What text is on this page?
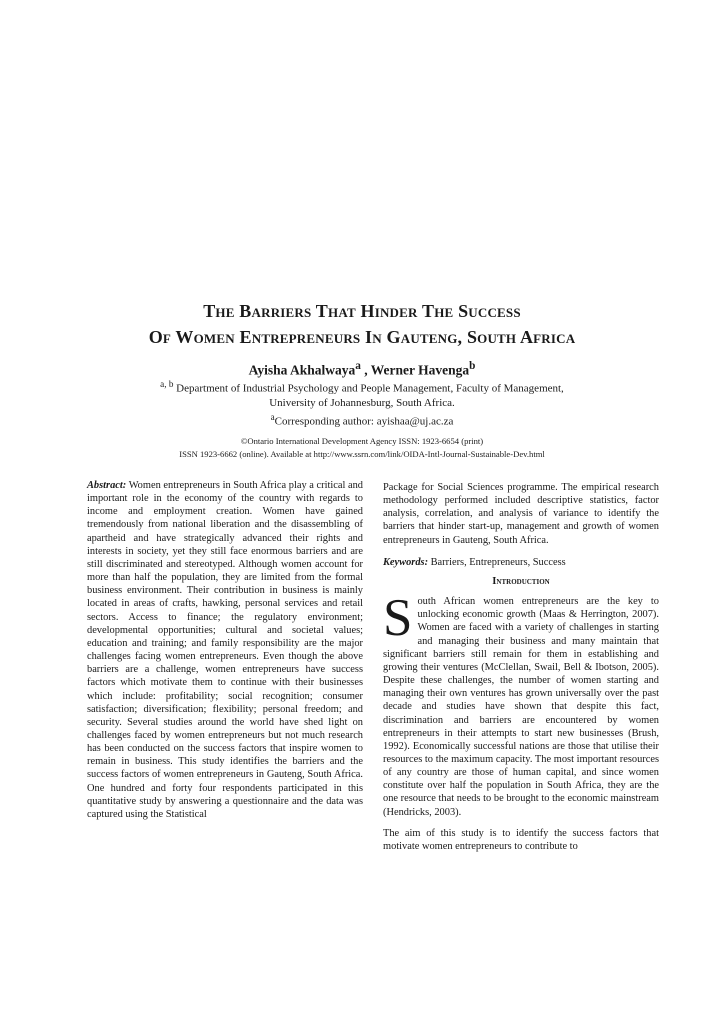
The Barriers That Hinder The Success
Of Women Entrepreneurs In Gauteng, South Africa
Ayisha Akhalwaya$^a$ , Werner Havenga$^b$
$^{a, b}$ Department of Industrial Psychology and People Management, Faculty of Management,
University of Johannesburg, South Africa.
$^a$Corresponding author: ayishaa@uj.ac.za
©Ontario International Development Agency ISSN: 1923-6654 (print)
ISSN 1923-6662 (online). Available at http://www.ssrn.com/link/OIDA-Intl-Journal-Sustainable-Dev.html

Abstract: Women entrepreneurs in South Africa play a critical and important role in the economy of the country with regards to income and employment creation. Women have gained tremendously from national liberation and the disassembling of apartheid and have strategically advanced their rights and interests in society, yet they still face enormous barriers and are still discriminated and stereotyped. Although women account for more than half the population, they are limited from the formal business environment. Their contribution in business is mainly located in areas of crafts, hawking, personal services and retail sectors. Access to finance; the regulatory environment; developmental opportunities; cultural and societal values; education and training; and family responsibility are the major challenges facing women entrepreneurs. Even though the above barriers are a challenge, women entrepreneurs have success factors which motivate them to continue with their businesses which include: profitability; social recognition; consumer satisfaction; diversification; flexibility; personal freedom; and security. Several studies around the world have shed light on challenges faced by women entrepreneurs but not much research has been conducted on the success factors that inspire women to remain in business. This study identifies the barriers and the success factors of women entrepreneurs in Gauteng, South Africa. One hundred and forty four respondents participated in this quantitative study by answering a questionnaire and the data was captured using the Statistical

Package for Social Sciences programme. The empirical research methodology performed included descriptive statistics, factor analysis, correlation, and analysis of variance to identify the barriers that hinder start-up, management and growth of women entrepreneurs in Gauteng, South Africa.

Keywords: Barriers, Entrepreneurs, Success

Introduction

South African women entrepreneurs are the key to unlocking economic growth (Maas & Herrington, 2007). Women are faced with a variety of challenges in starting and managing their business and many maintain that significant barriers still remain for them in establishing and growing their ventures (McClellan, Swail, Bell & Ibotson, 2005). Despite these challenges, the number of women starting and managing their own ventures has grown universally over the past decade and studies have shown that despite this fact, discrimination and barriers are encountered by women entrepreneurs in their attempts to start new businesses (Brush, 1992). Economically successful nations are those that utilise their resources to the maximum capacity. The most important resources of any country are those of human capital, and since women constitute over half the population in South Africa, they are the one resource that needs to be brought to the economic mainstream (Hendricks, 2003).

The aim of this study is to identify the success factors that motivate women entrepreneurs to contribute to
